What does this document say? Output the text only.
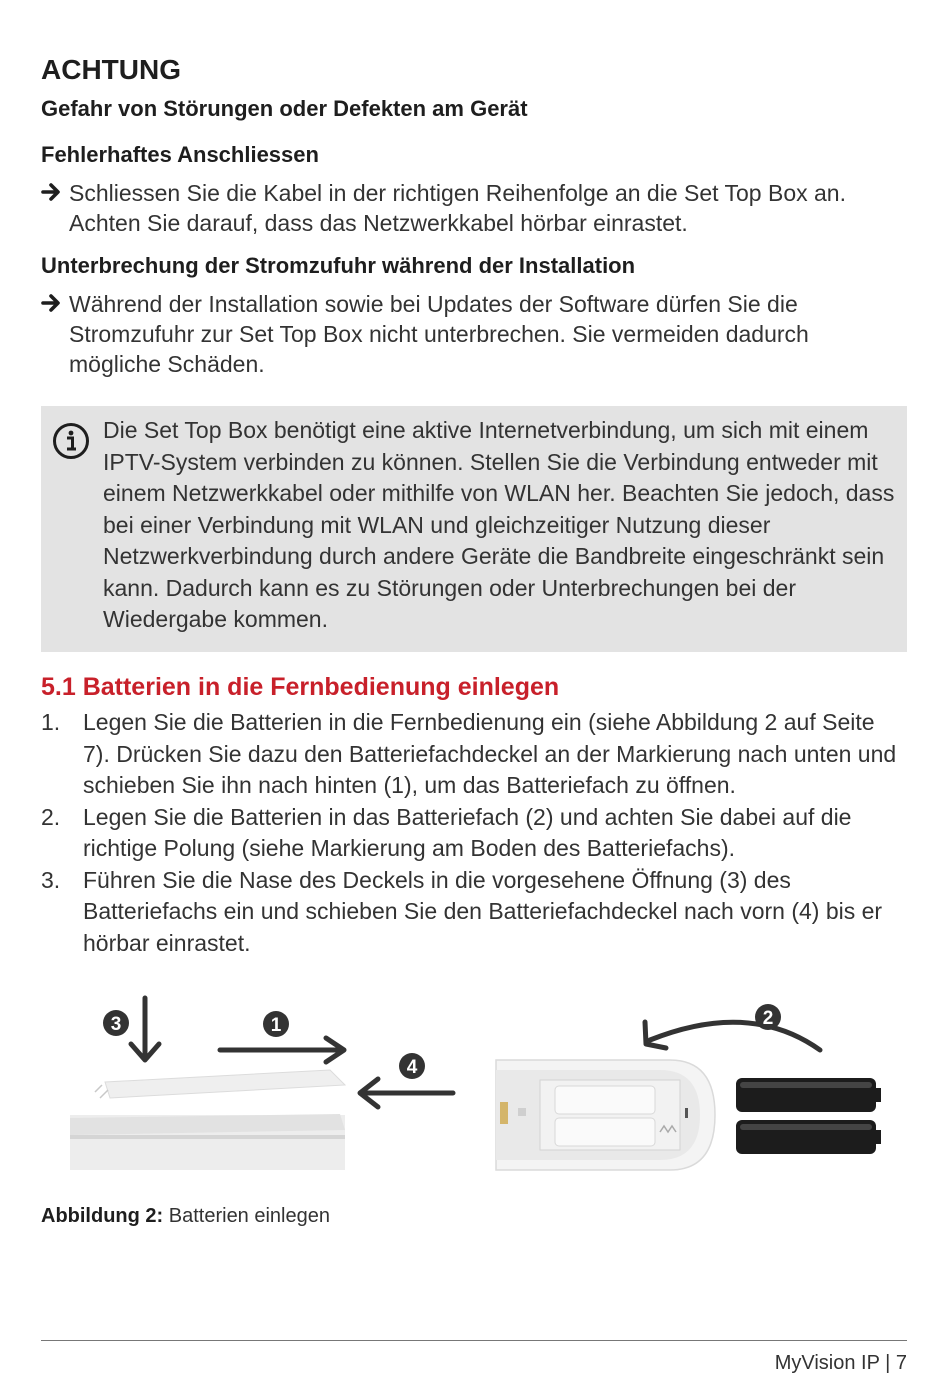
ACHTUNG
Gefahr von Störungen oder Defekten am Gerät
Fehlerhaftes Anschliessen
Schliessen Sie die Kabel in der richtigen Reihenfolge an die Set Top Box an. Achten Sie darauf, dass das Netzwerkkabel hörbar einrastet.
Unterbrechung der Stromzufuhr während der Installation
Während der Installation sowie bei Updates der Software dürfen Sie die Stromzufuhr zur Set Top Box nicht unterbrechen. Sie vermeiden dadurch mögliche Schäden.
Die Set Top Box benötigt eine aktive Internetverbindung, um sich mit einem IPTV-System verbinden zu können. Stellen Sie die Verbindung entweder mit einem Netzwerkkabel oder mithilfe von WLAN her. Beachten Sie jedoch, dass bei einer Verbindung mit WLAN und gleichzeitiger Nutzung dieser Netzwerkverbindung durch andere Geräte die Bandbreite eingeschränkt sein kann. Dadurch kann es zu Störungen oder Unterbrechungen bei der Wiedergabe kommen.
5.1 Batterien in die Fernbedienung einlegen
1. Legen Sie die Batterien in die Fernbedienung ein (siehe Abbildung 2 auf Seite 7). Drücken Sie dazu den Batteriefachdeckel an der Markierung nach unten und schieben Sie ihn nach hinten (1), um das Batteriefach zu öffnen.
2. Legen Sie die Batterien in das Batteriefach (2) und achten Sie dabei auf die richtige Polung (siehe Markierung am Boden des Batteriefachs).
3. Führen Sie die Nase des Deckels in die vorgesehene Öffnung (3) des Batteriefachs ein und schieben Sie den Batteriefachdeckel nach vorn (4) bis er hörbar einrastet.
3	1
4
2
Abbildung 2: Batterien einlegen
MyVision IP | 7
